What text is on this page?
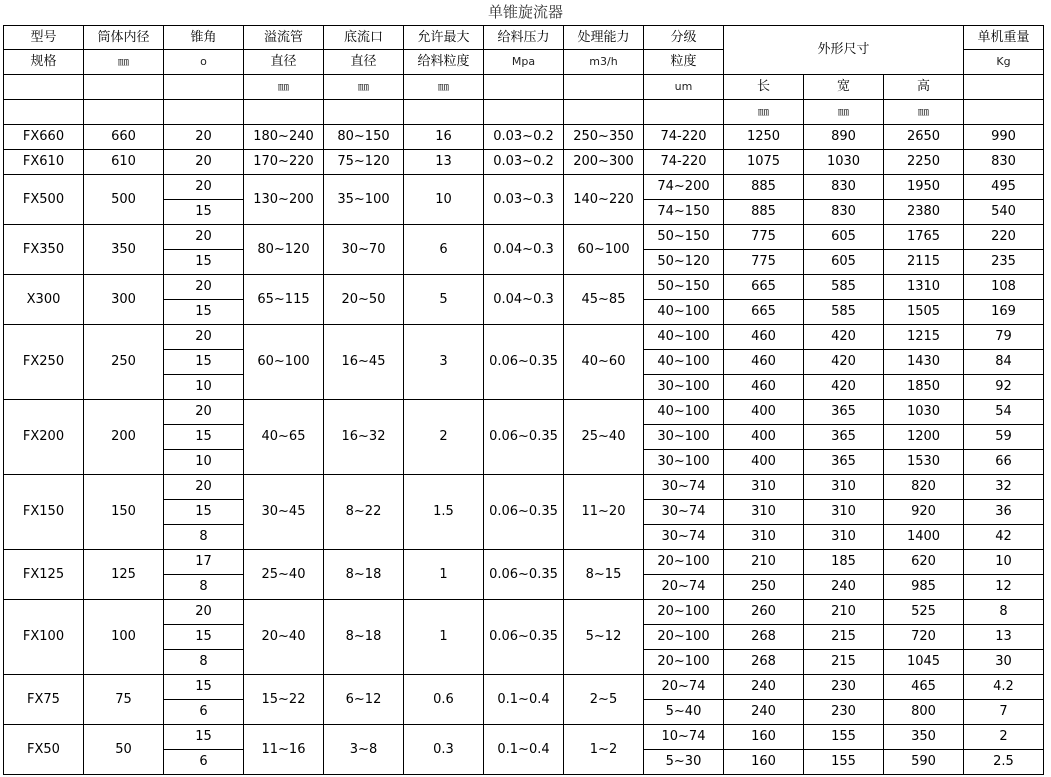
单锥旋流器
型号	筒体内径	锥角	溢流管	底流口	允许最大	给料压力	处理能力	分级	外形尺寸			单机重量
规格	㎜	ο	直径	直径	给料粒度	Mpa	m3/h	粒度				Kg
			㎜	㎜	㎜			um	长	宽	高	
									㎜	㎜	㎜	
FX660	660	20	180~240	80~150	16	0.03~0.2	250~350	74-220	1250	890	2650	990
FX610	610	20	170~220	75~120	13	0.03~0.2	200~300	74-220	1075	1030	2250	830
FX500	500	20	130~200	35~100	10	0.03~0.3	140~220	74~200	885	830	1950	495
		15						74~150	885	830	2380	540
FX350	350	20	80~120	30~70	6	0.04~0.3	60~100	50~150	775	605	1765	220
		15						50~120	775	605	2115	235
X300	300	20	65~115	20~50	5	0.04~0.3	45~85	50~150	665	585	1310	108
		15						40~100	665	585	1505	169
FX250	250	20	60~100	16~45	3	0.06~0.35	40~60	40~100	460	420	1215	79
		15						40~100	460	420	1430	84
		10						30~100	460	420	1850	92
FX200	200	20	40~65	16~32	2	0.06~0.35	25~40	40~100	400	365	1030	54
		15						30~100	400	365	1200	59
		10						30~100	400	365	1530	66
FX150	150	20	30~45	8~22	1.5	0.06~0.35	11~20	30~74	310	310	820	32
		15						30~74	310	310	920	36
		8						30~74	310	310	1400	42
FX125	125	17	25~40	8~18	1	0.06~0.35	8~15	20~100	210	185	620	10
		8						20~74	250	240	985	12
FX100	100	20	20~40	8~18	1	0.06~0.35	5~12	20~100	260	210	525	8
		15						20~100	268	215	720	13
		8						20~100	268	215	1045	30
FX75	75	15	15~22	6~12	0.6	0.1~0.4	2~5	20~74	240	230	465	4.2
		6						5~40	240	230	800	7
FX50	50	15	11~16	3~8	0.3	0.1~0.4	1~2	10~74	160	155	350	2
		6						5~30	160	155	590	2.5
